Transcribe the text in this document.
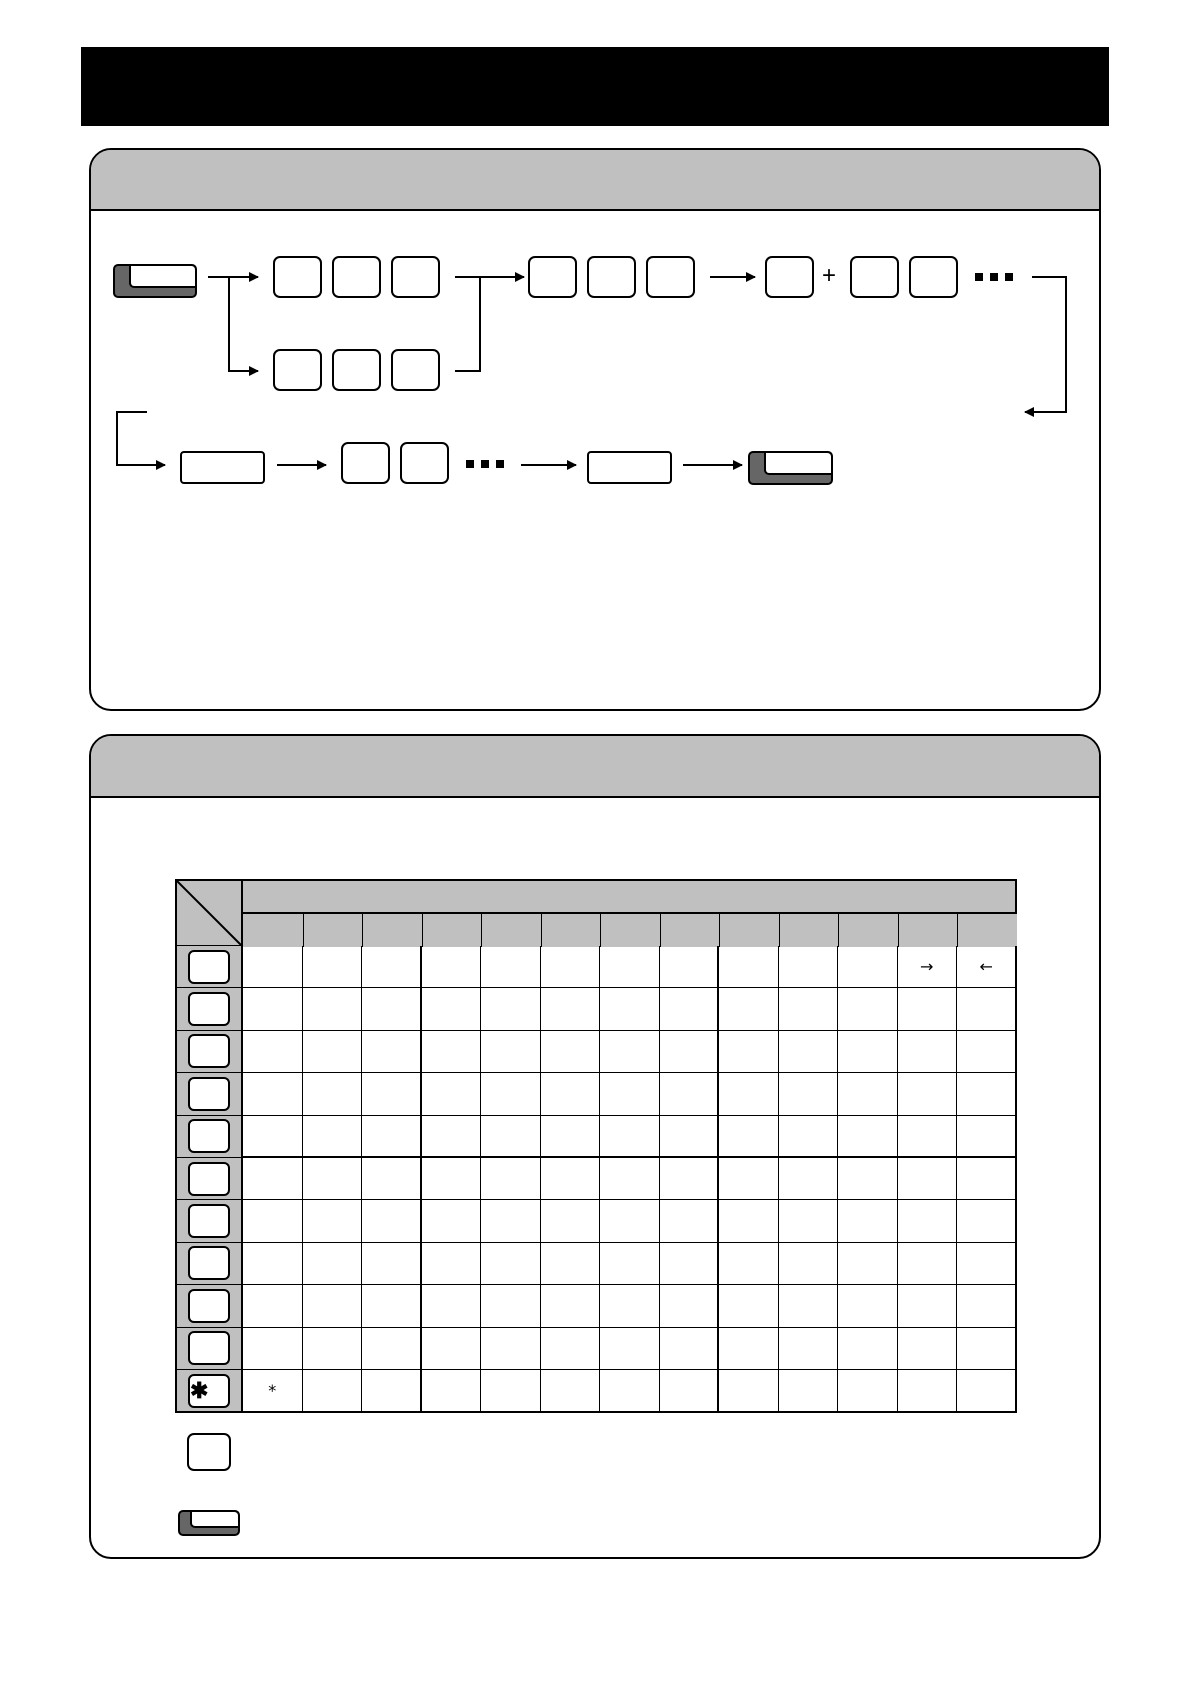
+
→	←
✱	*
